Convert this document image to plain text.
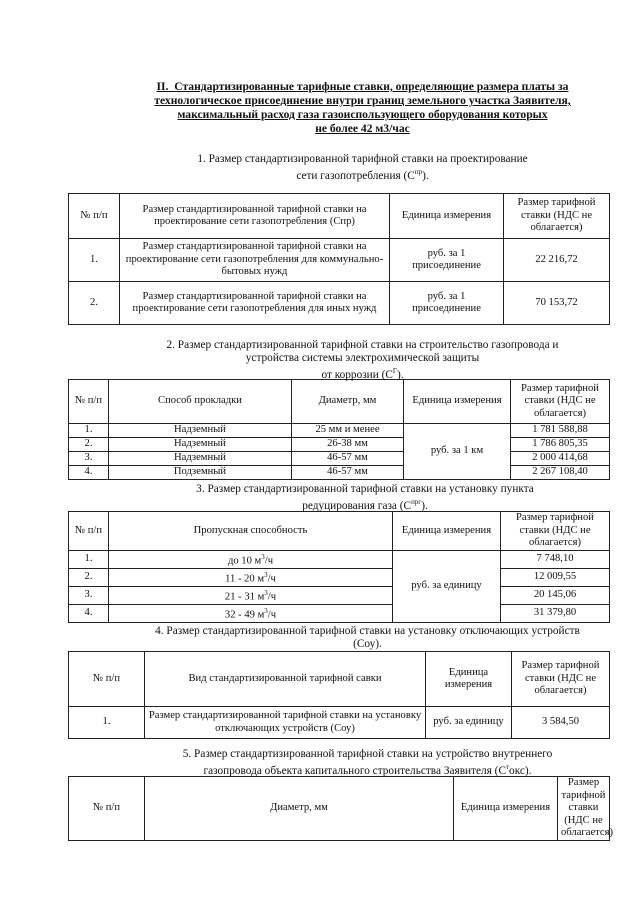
II. Стандартизированные тарифные ставки, определяющие размера платы за
технологическое присоединение внутри границ земельного участка Заявителя,
максимальный расход газа газоиспользующего оборудования которых
не более 42 м3/час
1. Размер стандартизированной тарифной ставки на проектирование
сети газопотребления $(С^{пр})$.
№ п/п	Размер стандартизированной тарифной ставки на проектирование сети газопотребления (Спр)	Единица измерения	Размер тарифной ставки (НДС не облагается)
1.	Размер стандартизированной тарифной ставки на проектирование сети газопотребления для коммунально-бытовых нужд	руб. за 1 присоединение	22 216,72
2.	Размер стандартизированной тарифной ставки на проектирование сети газопотребления для иных нужд	руб. за 1 присоединение	70 153,72
2. Размер стандартизированной тарифной ставки на строительство газопровода и
устройства системы электрохимической защиты
от коррозии $(С^Г)$.
№ п/п	Способ прокладки	Диаметр, мм	Единица измерения	Размер тарифной ставки (НДС не облагается)
1.	Надземный	25 мм и менее	руб. за 1 км	1 781 588,88
2.	Надземный	26-38 мм		1 786 805,35
3.	Надземный	46-57 мм		2 000 414,68
4.	Подземный	46-57 мм		2 267 108,40
3. Размер стандартизированной тарифной ставки на установку пункта
редуцирования газа $(С^{прг})$.
№ п/п	Пропускная способность	Единица измерения	Размер тарифной ставки (НДС не облагается)
1.	до 10 $м^3/ч$	руб. за единицу	7 748,10
2.	11 - 20 $м^3/ч$		12 009,55
3.	21 - 31 $м^3/ч$		20 145,06
4.	32 - 49 $м^3/ч$		31 379,80
4. Размер стандартизированной тарифной ставки на установку отключающих устройств
(Соу).
№ п/п	Вид стандартизированной тарифной савки	Единица измерения	Размер тарифной ставки (НДС не облагается)
1.	Размер стандартизированной тарифной ставки на установку отключающих устройств (Соу)	руб. за единицу	3 584,50
5. Размер стандартизированной тарифной ставки на устройство внутреннего
газопровода объекта капитального строительства Заявителя $(С^токс)$.
№ п/п	Диаметр, мм	Единица измерения	Размер тарифной ставки (НДС не облагается)
